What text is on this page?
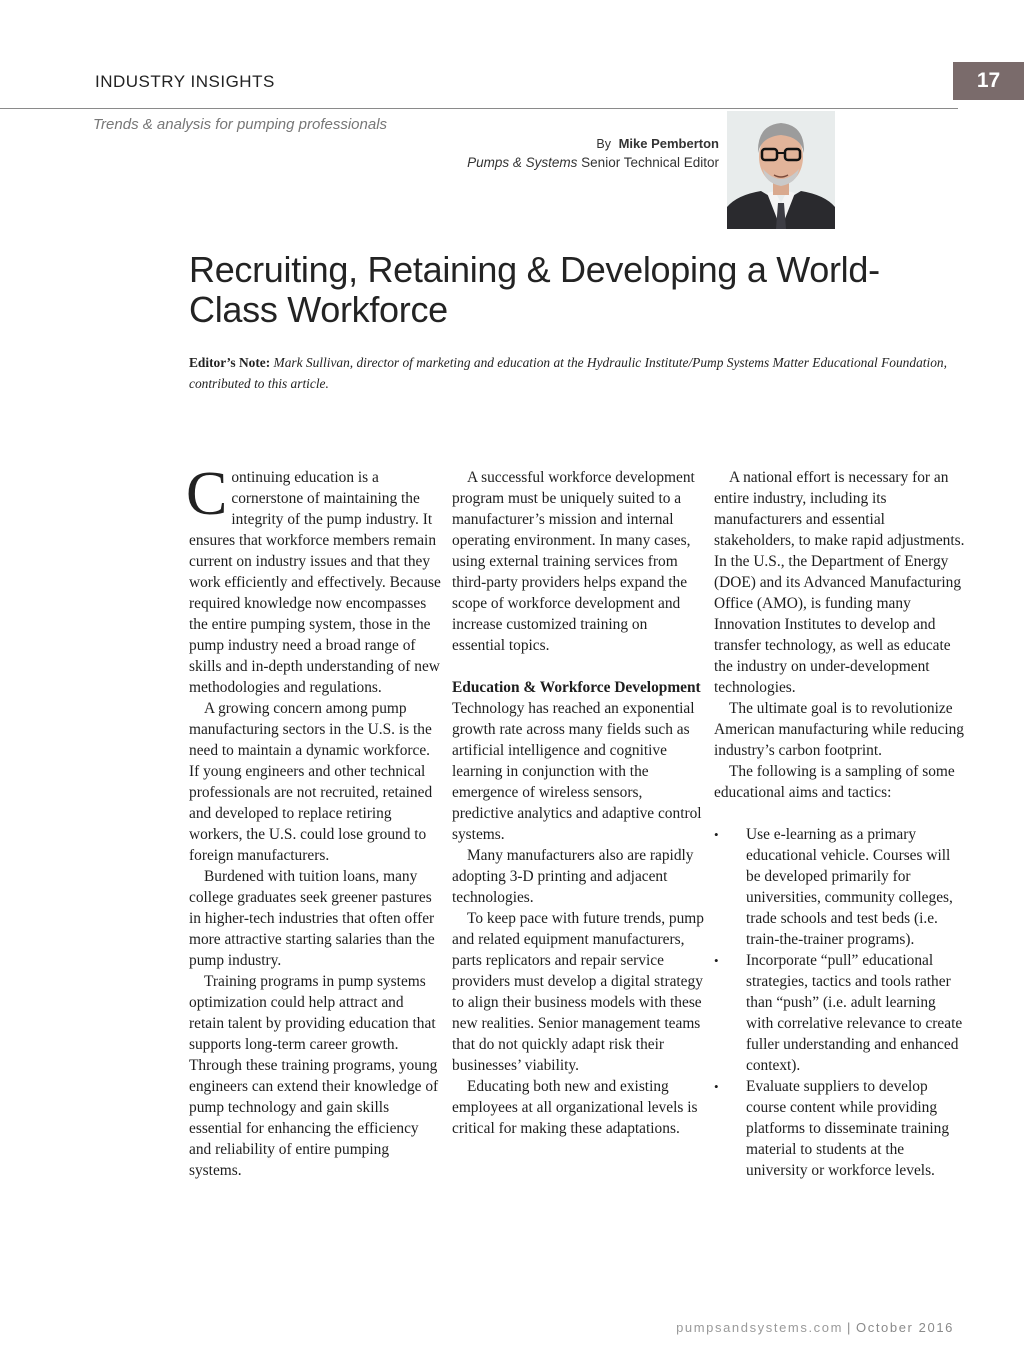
INDUSTRY INSIGHTS	17
Trends & analysis for pumping professionals
By Mike Pemberton
Pumps & Systems Senior Technical Editor
Recruiting, Retaining & Developing a World-Class Workforce
Editor’s Note: Mark Sullivan, director of marketing and education at the Hydraulic Institute/Pump Systems Matter Educational Foundation, contributed to this article.

Continuing education is a cornerstone of maintaining the integrity of the pump industry. It ensures that workforce members remain current on industry issues and that they work efficiently and effectively. Because required knowledge now encompasses the entire pumping system, those in the pump industry need a broad range of skills and in-depth understanding of new methodologies and regulations.

A growing concern among pump manufacturing sectors in the U.S. is the need to maintain a dynamic workforce. If young engineers and other technical professionals are not recruited, retained and developed to replace retiring workers, the U.S. could lose ground to foreign manufacturers.

Burdened with tuition loans, many college graduates seek greener pastures in higher-tech industries that often offer more attractive starting salaries than the pump industry.

Training programs in pump systems optimization could help attract and retain talent by providing education that supports long-term career growth. Through these training programs, young engineers can extend their knowledge of pump technology and gain skills essential for enhancing the efficiency and reliability of entire pumping systems.

A successful workforce development program must be uniquely suited to a manufacturer’s mission and internal operating environment. In many cases, using external training services from third-party providers helps expand the scope of workforce development and increase customized training on essential topics.

Education & Workforce Development

Technology has reached an exponential growth rate across many fields such as artificial intelligence and cognitive learning in conjunction with the emergence of wireless sensors, predictive analytics and adaptive control systems.

Many manufacturers also are rapidly adopting 3-D printing and adjacent technologies.

To keep pace with future trends, pump and related equipment manufacturers, parts replicators and repair service providers must develop a digital strategy to align their business models with these new realities. Senior management teams that do not quickly adapt risk their businesses’ viability.

Educating both new and existing employees at all organizational levels is critical for making these adaptations.

A national effort is necessary for an entire industry, including its manufacturers and essential stakeholders, to make rapid adjustments. In the U.S., the Department of Energy (DOE) and its Advanced Manufacturing Office (AMO), is funding many Innovation Institutes to develop and transfer technology, as well as educate the industry on under-development technologies.

The ultimate goal is to revolutionize American manufacturing while reducing industry’s carbon footprint.

The following is a sampling of some educational aims and tactics:

• Use e-learning as a primary educational vehicle. Courses will be developed primarily for universities, community colleges, trade schools and test beds (i.e. train-the-trainer programs).
• Incorporate “pull” educational strategies, tactics and tools rather than “push” (i.e. adult learning with correlative relevance to create fuller understanding and enhanced context).
• Evaluate suppliers to develop course content while providing platforms to disseminate training material to students at the university or workforce levels.
pumpsandsystems.com | October 2016
